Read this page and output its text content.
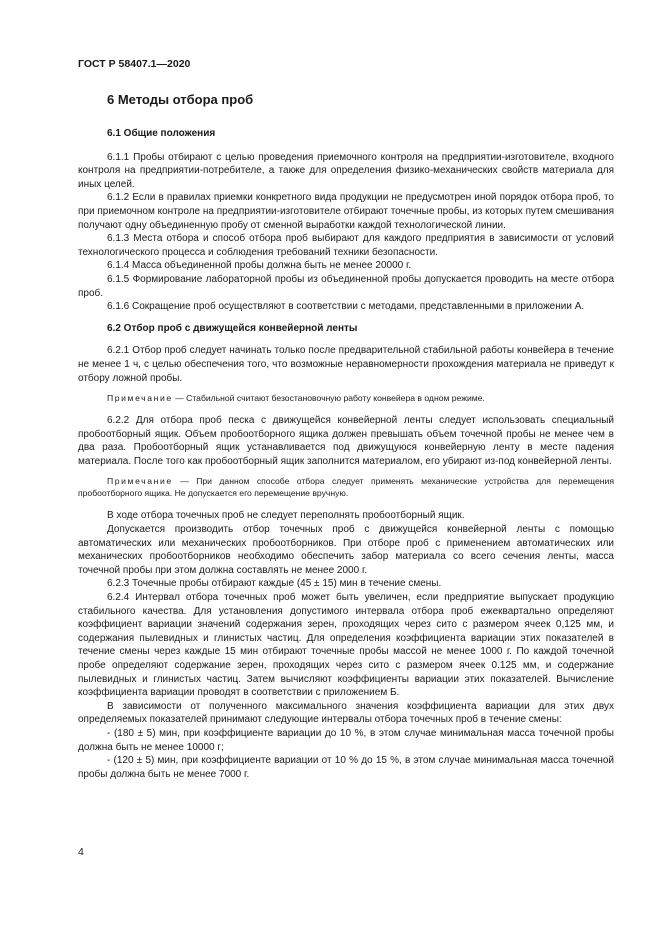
ГОСТ Р 58407.1—2020
6 Методы отбора проб

6.1 Общие положения

6.1.1 Пробы отбирают с целью проведения приемочного контроля на предприятии-изготовителе, входного контроля на предприятии-потребителе, а также для определения физико-механических свойств материала для иных целей.

6.1.2 Если в правилах приемки конкретного вида продукции не предусмотрен иной порядок отбора проб, то при приемочном контроле на предприятии-изготовителе отбирают точечные пробы, из которых путем смешивания получают одну объединенную пробу от сменной выработки каждой технологической линии.

6.1.3 Места отбора и способ отбора проб выбирают для каждого предприятия в зависимости от условий технологического процесса и соблюдения требований техники безопасности.

6.1.4 Масса объединенной пробы должна быть не менее 20000 г.

6.1.5 Формирование лабораторной пробы из объединенной пробы допускается проводить на месте отбора проб.

6.1.6 Сокращение проб осуществляют в соответствии с методами, представленными в приложении А.

6.2 Отбор проб с движущейся конвейерной ленты

6.2.1 Отбор проб следует начинать только после предварительной стабильной работы конвейера в течение не менее 1 ч, с целью обеспечения того, что возможные неравномерности прохождения материала не приведут к отбору ложной пробы.

Примечание — Стабильной считают безостановочную работу конвейера в одном режиме.

6.2.2 Для отбора проб песка с движущейся конвейерной ленты следует использовать специальный пробоотборный ящик. Объем пробоотборного ящика должен превышать объем точечной пробы не менее чем в два раза. Пробоотборный ящик устанавливается под движущуюся конвейерную ленту в месте падения материала. После того как пробоотборный ящик заполнится материалом, его убирают из-под конвейерной ленты.

Примечание — При данном способе отбора следует применять механические устройства для перемещения пробоотборного ящика. Не допускается его перемещение вручную.

В ходе отбора точечных проб не следует переполнять пробоотборный ящик.

Допускается производить отбор точечных проб с движущейся конвейерной ленты с помощью автоматических или механических пробоотборников. При отборе проб с применением автоматических или механических пробоотборников необходимо обеспечить забор материала со всего сечения ленты, масса точечной пробы при этом должна составлять не менее 2000 г.

6.2.3 Точечные пробы отбирают каждые (45 ± 15) мин в течение смены.

6.2.4 Интервал отбора точечных проб может быть увеличен, если предприятие выпускает продукцию стабильного качества. Для установления допустимого интервала отбора проб ежеквартально определяют коэффициент вариации значений содержания зерен, проходящих через сито с размером ячеек 0,125 мм, и содержания пылевидных и глинистых частиц. Для определения коэффициента вариации этих показателей в течение смены через каждые 15 мин отбирают точечные пробы массой не менее 1000 г. По каждой точечной пробе определяют содержание зерен, проходящих через сито с размером ячеек 0.125 мм, и содержание пылевидных и глинистых частиц. Затем вычисляют коэффициенты вариации этих показателей. Вычисление коэффициента вариации проводят в соответствии с приложением Б.

В зависимости от полученного максимального значения коэффициента вариации для этих двух определяемых показателей принимают следующие интервалы отбора точечных проб в течение смены:

- (180 ± 5) мин, при коэффициенте вариации до 10 %, в этом случае минимальная масса точечной пробы должна быть не менее 10000 г;

- (120 ± 5) мин, при коэффициенте вариации от 10 % до 15 %, в этом случае минимальная масса точечной пробы должна быть не менее 7000 г.

4
